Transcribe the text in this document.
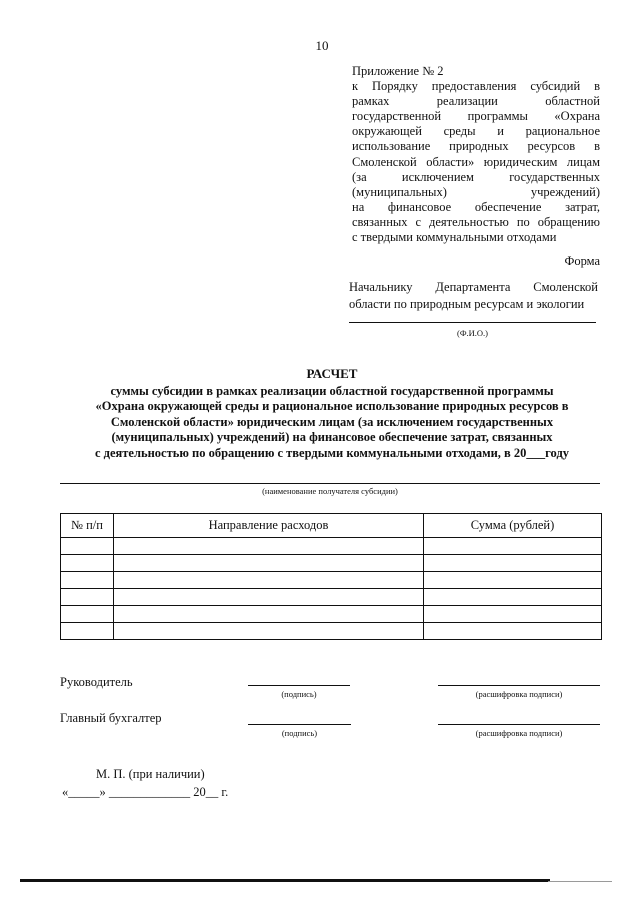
10
Приложение № 2
к Порядку предоставления субсидий в
рамках реализации областной
государственной программы «Охрана
окружающей среды и рациональное
использование природных ресурсов в
Смоленской области» юридическим лицам
(за исключением государственных
(муниципальных) учреждений)
на финансовое обеспечение затрат,
связанных с деятельностью по обращению
с твердыми коммунальными отходами
Форма
Начальнику Департамента Смоленской
области по природным ресурсам и экологии
(Ф.И.О.)
РАСЧЕТ
суммы субсидии в рамках реализации областной государственной программы
«Охрана окружающей среды и рациональное использование природных ресурсов в
Смоленской области» юридическим лицам (за исключением государственных
(муниципальных) учреждений) на финансовое обеспечение затрат, связанных
с деятельностью по обращению с твердыми коммунальными отходами, в 20___году
(наименование получателя субсидии)
№ п/п	Направление расходов	Сумма (рублей)

Руководитель
(подпись)	(расшифровка подписи)
Главный бухгалтер
(подпись)	(расшифровка подписи)
М. П. (при наличии)
«_____» _____________ 20__ г.
